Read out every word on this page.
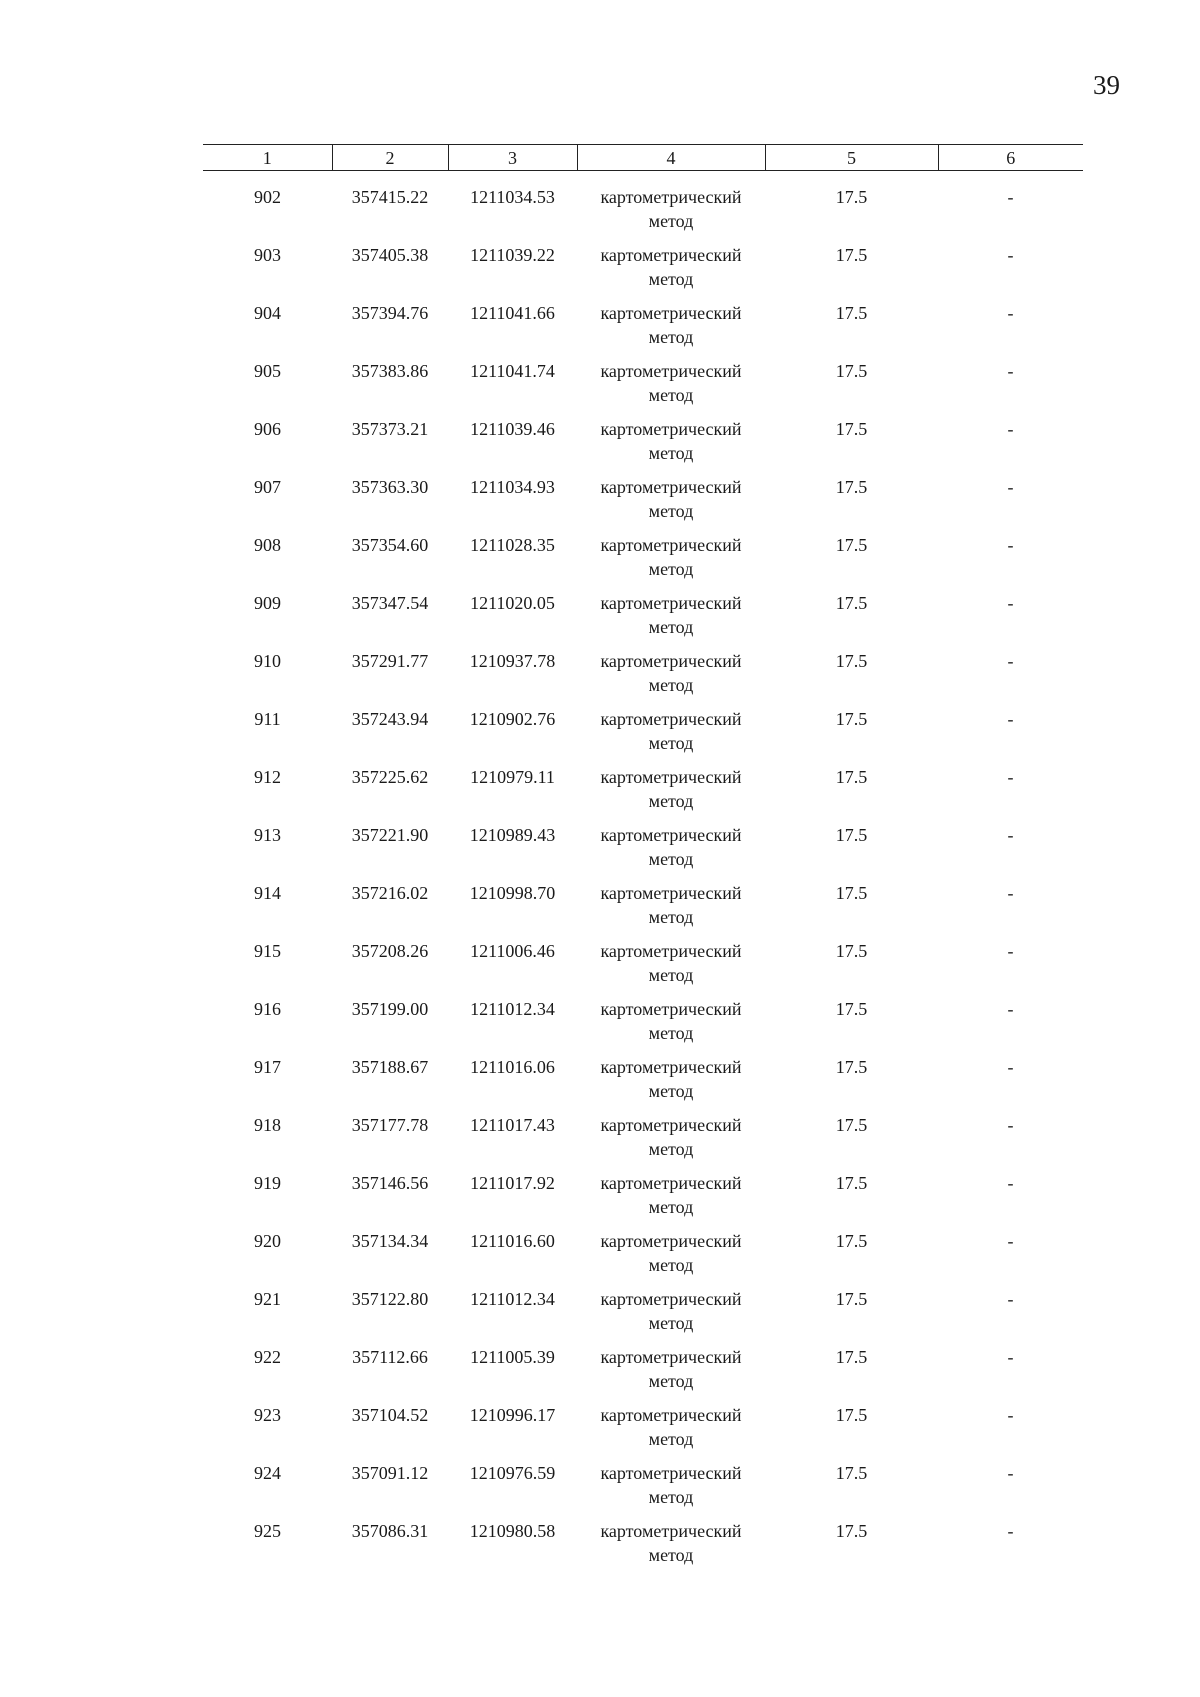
39
1	2	3	4	5	6

902	357415.22	1211034.53	картометрический
метод	17.5	-
903	357405.38	1211039.22	картометрический
метод	17.5	-
904	357394.76	1211041.66	картометрический
метод	17.5	-
905	357383.86	1211041.74	картометрический
метод	17.5	-
906	357373.21	1211039.46	картометрический
метод	17.5	-
907	357363.30	1211034.93	картометрический
метод	17.5	-
908	357354.60	1211028.35	картометрический
метод	17.5	-
909	357347.54	1211020.05	картометрический
метод	17.5	-
910	357291.77	1210937.78	картометрический
метод	17.5	-
911	357243.94	1210902.76	картометрический
метод	17.5	-
912	357225.62	1210979.11	картометрический
метод	17.5	-
913	357221.90	1210989.43	картометрический
метод	17.5	-
914	357216.02	1210998.70	картометрический
метод	17.5	-
915	357208.26	1211006.46	картометрический
метод	17.5	-
916	357199.00	1211012.34	картометрический
метод	17.5	-
917	357188.67	1211016.06	картометрический
метод	17.5	-
918	357177.78	1211017.43	картометрический
метод	17.5	-
919	357146.56	1211017.92	картометрический
метод	17.5	-
920	357134.34	1211016.60	картометрический
метод	17.5	-
921	357122.80	1211012.34	картометрический
метод	17.5	-
922	357112.66	1211005.39	картометрический
метод	17.5	-
923	357104.52	1210996.17	картометрический
метод	17.5	-
924	357091.12	1210976.59	картометрический
метод	17.5	-
925	357086.31	1210980.58	картометрический
метод	17.5	-
